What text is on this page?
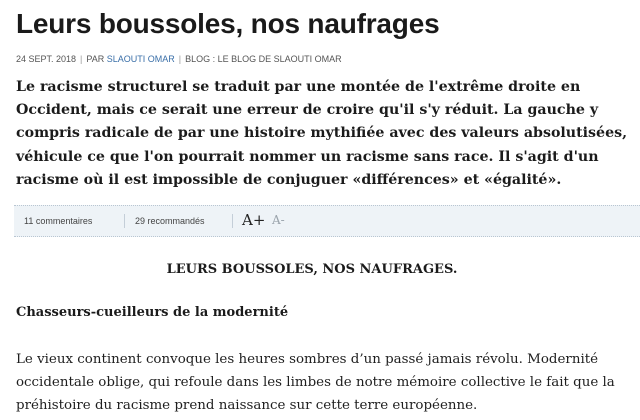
Leurs boussoles, nos naufrages
24 SEPT. 2018 | PAR SLAOUTI OMAR | BLOG : LE BLOG DE SLAOUTI OMAR

Le racisme structurel se traduit par une montée de l'extrême droite en Occident, mais ce serait une erreur de croire qu'il s'y réduit. La gauche y compris radicale de par une histoire mythifiée avec des valeurs absolutisées, véhicule ce que l'on pourrait nommer un racisme sans race. Il s'agit d'un racisme où il est impossible de conjuguer «différences» et «égalité».

11 commentaires	29 recommandés A+ A-
LEURS BOUSSOLES, NOS NAUFRAGES.
Chasseurs-cueilleurs de la modernité

Le vieux continent convoque les heures sombres d’un passé jamais révolu. Modernité occidentale oblige, qui refoule dans les limbes de notre mémoire collective le fait que la préhistoire du racisme prend naissance sur cette terre européenne.
